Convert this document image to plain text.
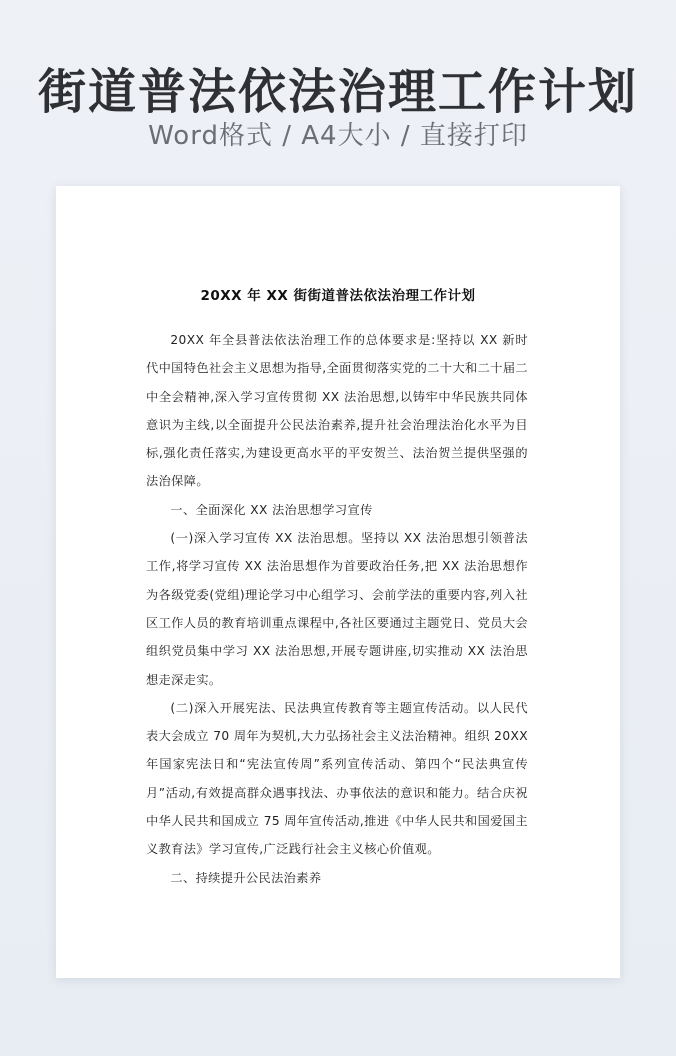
街道普法依法治理工作计划
Word格式 / A4大小 / 直接打印
20XX 年 XX 街街道普法依法治理工作计划

20XX 年全县普法依法治理工作的总体要求是:坚持以 XX 新时代中国特色社会主义思想为指导,全面贯彻落实党的二十大和二十届二中全会精神,深入学习宣传贯彻 XX 法治思想,以铸牢中华民族共同体意识为主线,以全面提升公民法治素养,提升社会治理法治化水平为目标,强化责任落实,为建设更高水平的平安贺兰、法治贺兰提供坚强的法治保障。

一、全面深化 XX 法治思想学习宣传

(一)深入学习宣传 XX 法治思想。坚持以 XX 法治思想引领普法工作,将学习宣传 XX 法治思想作为首要政治任务,把 XX 法治思想作为各级党委(党组)理论学习中心组学习、会前学法的重要内容,列入社区工作人员的教育培训重点课程中,各社区要通过主题党日、党员大会组织党员集中学习 XX 法治思想,开展专题讲座,切实推动 XX 法治思想走深走实。

(二)深入开展宪法、民法典宣传教育等主题宣传活动。以人民代表大会成立 70 周年为契机,大力弘扬社会主义法治精神。组织 20XX 年国家宪法日和“宪法宣传周”系列宣传活动、第四个“民法典宣传月”活动,有效提高群众遇事找法、办事依法的意识和能力。结合庆祝中华人民共和国成立 75 周年宣传活动,推进《中华人民共和国爱国主义教育法》学习宣传,广泛践行社会主义核心价值观。

二、持续提升公民法治素养
